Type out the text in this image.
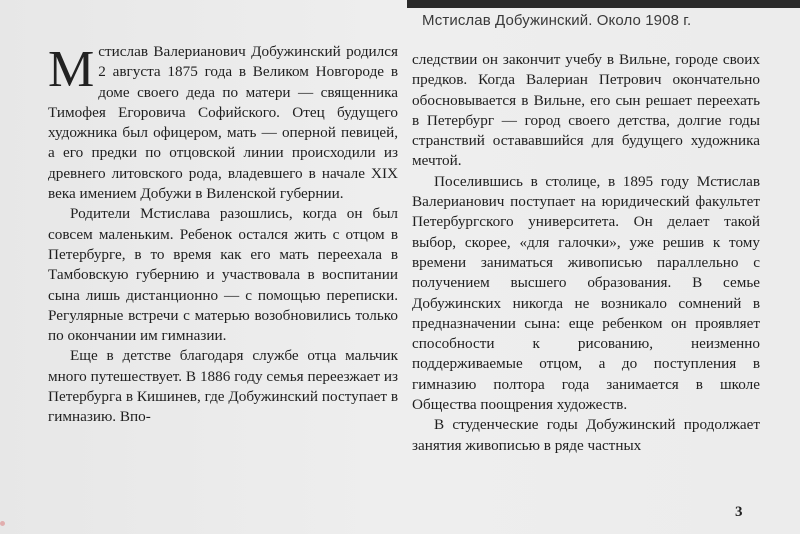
Мстислав Добужинский. Около 1908 г.

Мстислав Валерианович Добужинский родился 2 августа 1875 года в Великом Новгороде в доме своего деда по матери — священника Тимофея Егоровича Софийского. Отец будущего художника был офицером, мать — оперной певицей, а его предки по отцовской линии происходили из древнего литовского рода, владевшего в начале XIX века имением Добужи в Виленской губернии.

Родители Мстислава разошлись, когда он был совсем маленьким. Ребенок остался жить с отцом в Петербурге, в то время как его мать переехала в Тамбовскую губернию и участвовала в воспитании сына лишь дистанционно — с помощью переписки. Регулярные встречи с матерью возобновились только по окончании им гимназии.

Еще в детстве благодаря службе отца мальчик много путешествует. В 1886 году семья переезжает из Петербурга в Кишинев, где Добужинский поступает в гимназию. Впо-

следствии он закончит учебу в Вильне, городе своих предков. Когда Валериан Петрович окончательно обосновывается в Вильне, его сын решает переехать в Петербург — город своего детства, долгие годы странствий остававшийся для будущего художника мечтой.

Поселившись в столице, в 1895 году Мстислав Валерианович поступает на юридический факультет Петербургского университета. Он делает такой выбор, скорее, «для галочки», уже решив к тому времени заниматься живописью параллельно с получением высшего образования. В семье Добужинских никогда не возникало сомнений в предназначении сына: еще ребенком он проявляет способности к рисованию, неизменно поддерживаемые отцом, а до поступления в гимназию полтора года занимается в школе Общества поощрения художеств.

В студенческие годы Добужинский продолжает занятия живописью в ряде частных

3
